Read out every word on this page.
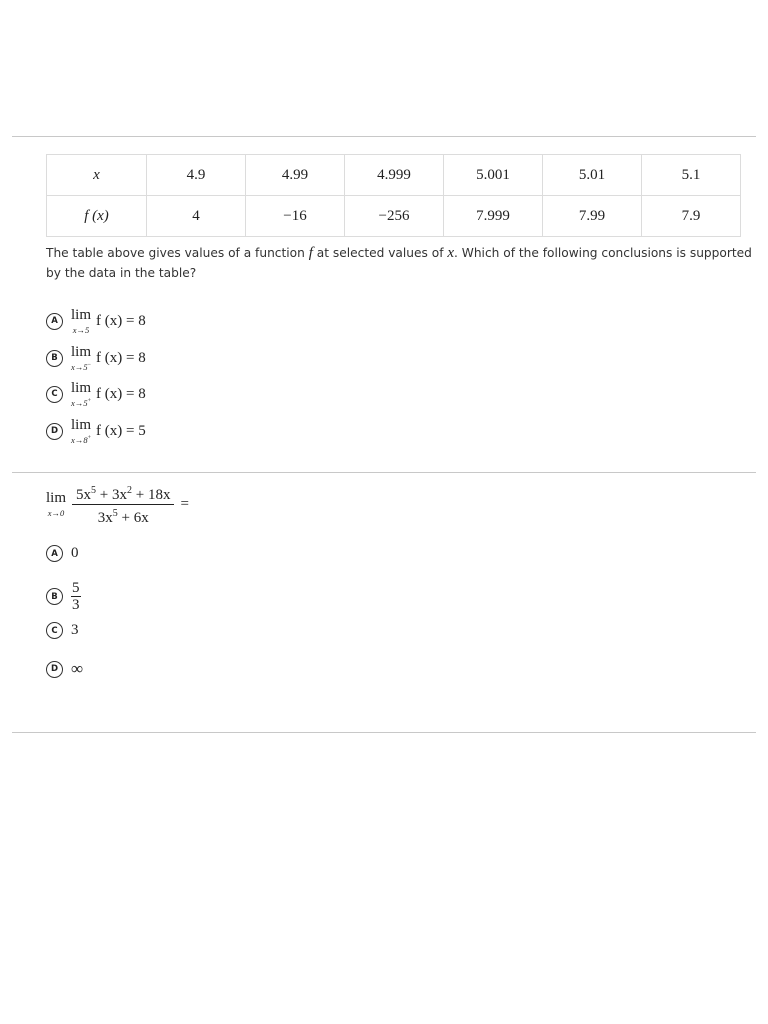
x	4.9	4.99	4.999	5.001	5.01	5.1
f (x)	4	−16	−256	7.999	7.99	7.9
The table above gives values of a function f at selected values of x. Which of the following conclusions is supported by the data in the table?
A lim
x→5
f (x) = 8
B lim
x→5− f (x) = 8
C lim
x→5+ f (x) = 8
D lim
x→8+ f (x) = 5
lim
$x\to 0 \frac{5x^5 + 3x^2 + 18x}{3x^5 + 6x}$ =
A 0
B $\frac{5}{3}$
C 3
D ∞
